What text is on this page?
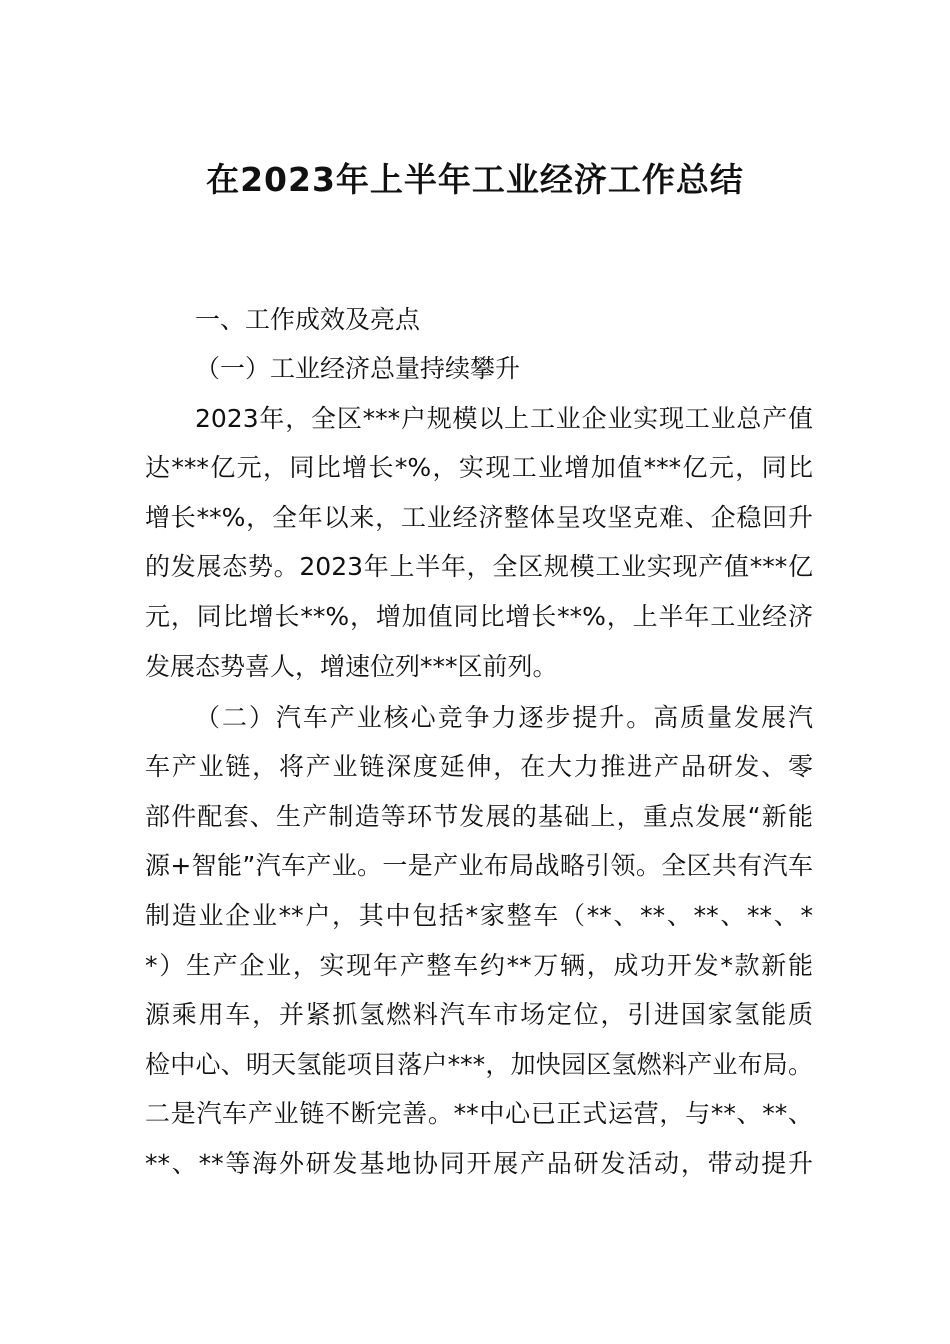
在2023年上半年工业经济工作总结
一、工作成效及亮点
（一）工业经济总量持续攀升
2023年，全区***户规模以上工业企业实现工业总产值
达***亿元，同比增长*%，实现工业增加值***亿元，同比
增长**%，全年以来，工业经济整体呈攻坚克难、企稳回升
的发展态势。2023年上半年，全区规模工业实现产值***亿
元，同比增长**%，增加值同比增长**%，上半年工业经济
发展态势喜人，增速位列***区前列。
（二）汽车产业核心竞争力逐步提升。高质量发展汽
车产业链，将产业链深度延伸，在大力推进产品研发、零
部件配套、生产制造等环节发展的基础上，重点发展“新能
源+智能”汽车产业。一是产业布局战略引领。全区共有汽车
制造业企业**户，其中包括*家整车（**、**、**、**、*
*）生产企业，实现年产整车约**万辆，成功开发*款新能
源乘用车，并紧抓氢燃料汽车市场定位，引进国家氢能质
检中心、明天氢能项目落户***，加快园区氢燃料产业布局。
二是汽车产业链不断完善。**中心已正式运营，与**、**、
**、**等海外研发基地协同开展产品研发活动，带动提升
